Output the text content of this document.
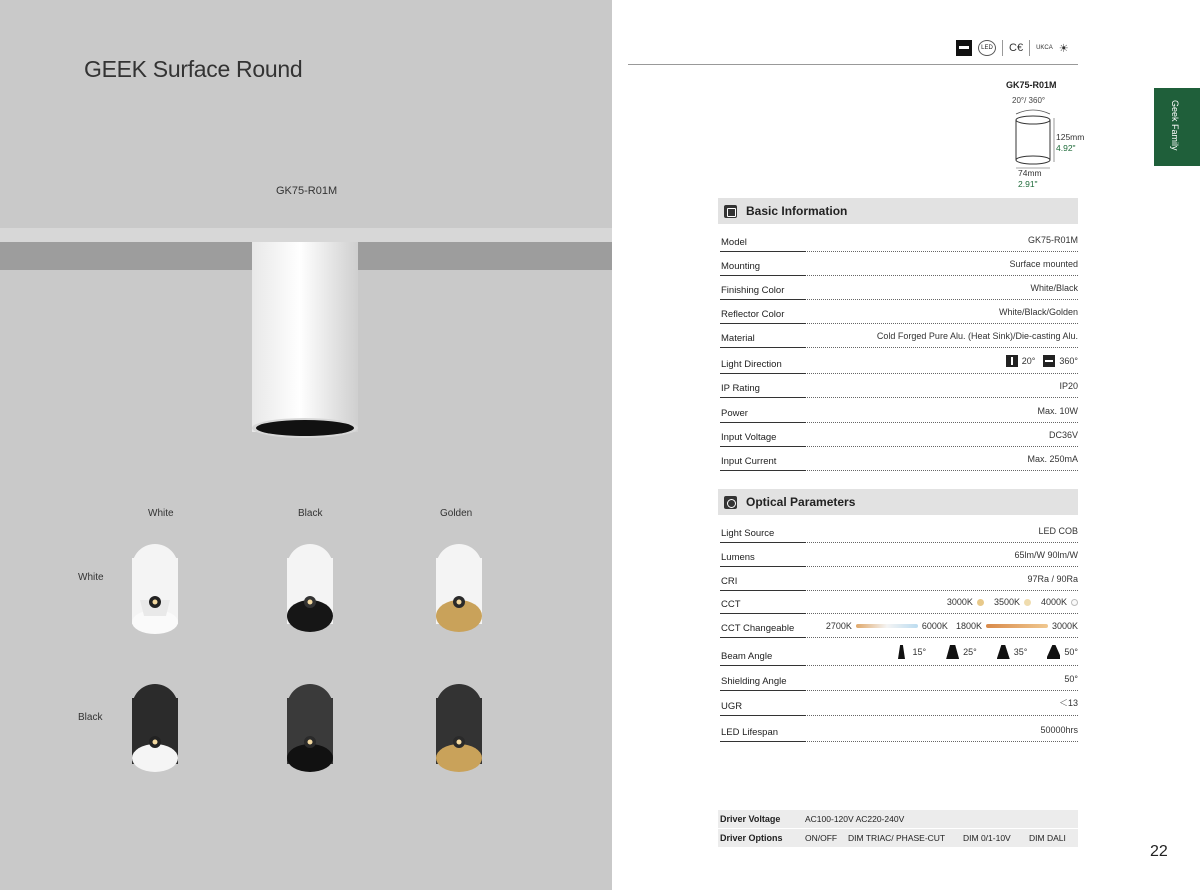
GEEK Surface Round
GK75-R01M
White	Black	Golden
White
Black
LED C€ UKCA ☀
Geek Family
GK75-R01M
20°/ 360°
125mm
4.92"
74mm
2.91"
Basic Information
Model	GK75-R01M
Mounting	Surface mounted
Finishing Color	White/Black
Reflector Color	White/Black/Golden
Material	Cold Forged Pure Alu. (Heat Sink)/Die-casting Alu.
Light Direction	20°	360°
IP Rating	IP20
Power	Max. 10W
Input Voltage	DC36V
Input Current	Max. 250mA
Optical Parameters
Light Source	LED COB
Lumens	65lm/W 90lm/W
CRI	97Ra / 90Ra
CCT	3000K 3500K 4000K
CCT Changeable	2700K	6000K 1800K	3000K
Beam Angle	15°	25°	35°	50°
Shielding Angle	50°
UGR	＜13
LED Lifespan	50000hrs
Driver Voltage	AC100-120V AC220-240V
Driver Options	ON/OFF DIM TRIAC/ PHASE-CUT DIM 0/1-10V DIM DALI
22
